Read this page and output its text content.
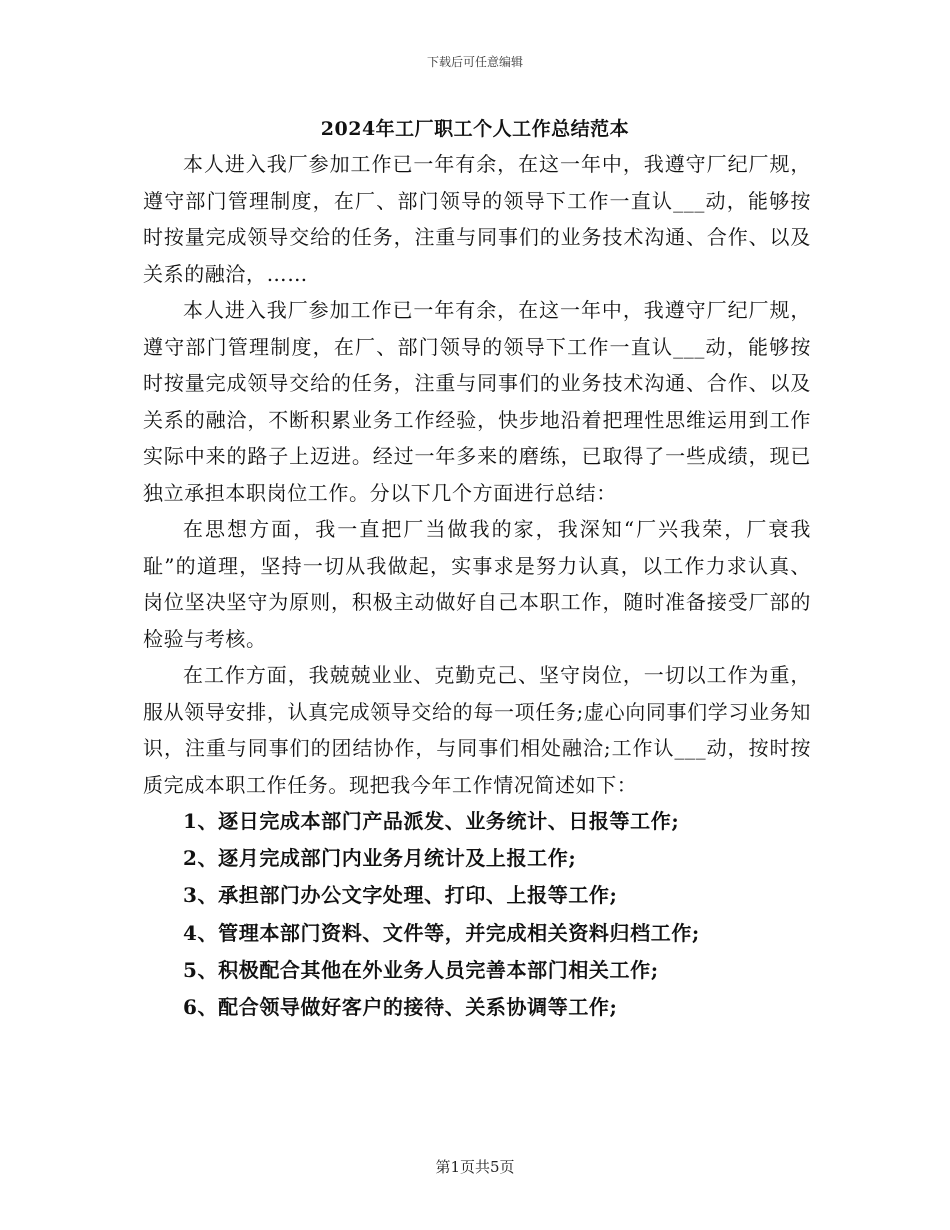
下载后可任意编辑
2024年工厂职工个人工作总结范本

本人进入我厂参加工作已一年有余，在这一年中，我遵守厂纪厂规，遵守部门管理制度，在厂、部门领导的领导下工作一直认___动，能够按时按量完成领导交给的任务，注重与同事们的业务技术沟通、合作、以及关系的融洽，……

本人进入我厂参加工作已一年有余，在这一年中，我遵守厂纪厂规，遵守部门管理制度，在厂、部门领导的领导下工作一直认___动，能够按时按量完成领导交给的任务，注重与同事们的业务技术沟通、合作、以及关系的融洽，不断积累业务工作经验，快步地沿着把理性思维运用到工作实际中来的路子上迈进。经过一年多来的磨练，已取得了一些成绩，现已独立承担本职岗位工作。分以下几个方面进行总结：

在思想方面，我一直把厂当做我的家，我深知“厂兴我荣，厂衰我耻”的道理，坚持一切从我做起，实事求是努力认真，以工作力求认真、岗位坚决坚守为原则，积极主动做好自己本职工作，随时准备接受厂部的检验与考核。

在工作方面，我兢兢业业、克勤克己、坚守岗位，一切以工作为重，服从领导安排，认真完成领导交给的每一项任务;虚心向同事们学习业务知识，注重与同事们的团结协作，与同事们相处融洽;工作认___动，按时按质完成本职工作任务。现把我今年工作情况简述如下：

1、逐日完成本部门产品派发、业务统计、日报等工作;

2、逐月完成部门内业务月统计及上报工作;

3、承担部门办公文字处理、打印、上报等工作;

4、管理本部门资料、文件等，并完成相关资料归档工作;

5、积极配合其他在外业务人员完善本部门相关工作;

6、配合领导做好客户的接待、关系协调等工作;

第1页共5页
